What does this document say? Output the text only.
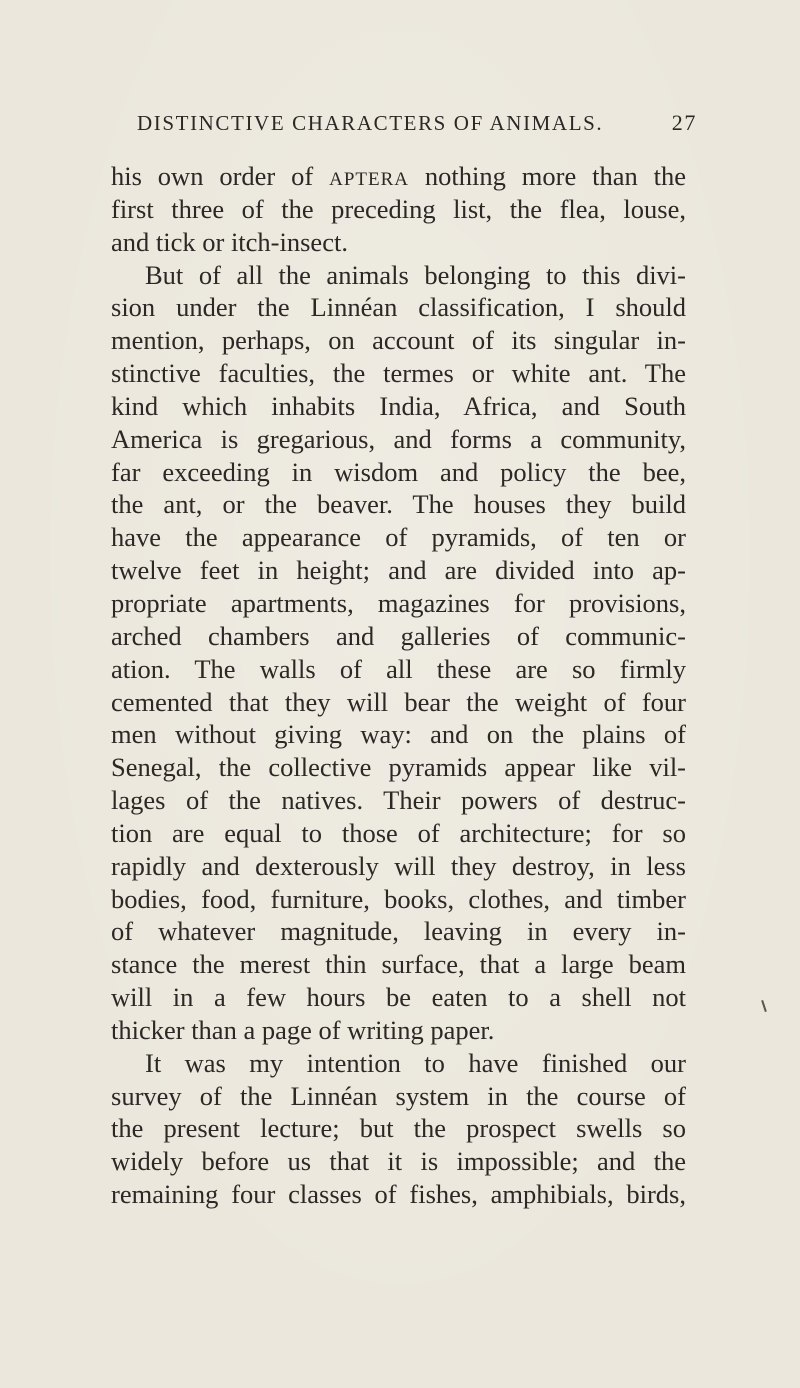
DISTINCTIVE CHARACTERS OF ANIMALS.	27
his own order of aptera nothing more than the
first three of the preceding list, the flea, louse,
and tick or itch-insect.
But of all the animals belonging to this divi-
sion under the Linnéan classification, I should
mention, perhaps, on account of its singular in-
stinctive faculties, the termes or white ant. The
kind which inhabits India, Africa, and South
America is gregarious, and forms a community,
far exceeding in wisdom and policy the bee,
the ant, or the beaver. The houses they build
have the appearance of pyramids, of ten or
twelve feet in height; and are divided into ap-
propriate apartments, magazines for provisions,
arched chambers and galleries of communic-
ation. The walls of all these are so firmly
cemented that they will bear the weight of four
men without giving way: and on the plains of
Senegal, the collective pyramids appear like vil-
lages of the natives. Their powers of destruc-
tion are equal to those of architecture; for so
rapidly and dexterously will they destroy, in less
bodies, food, furniture, books, clothes, and timber
of whatever magnitude, leaving in every in-
stance the merest thin surface, that a large beam
will in a few hours be eaten to a shell not
thicker than a page of writing paper.
It was my intention to have finished our
survey of the Linnéan system in the course of
the present lecture; but the prospect swells so
widely before us that it is impossible; and the
remaining four classes of fishes, amphibials, birds,
